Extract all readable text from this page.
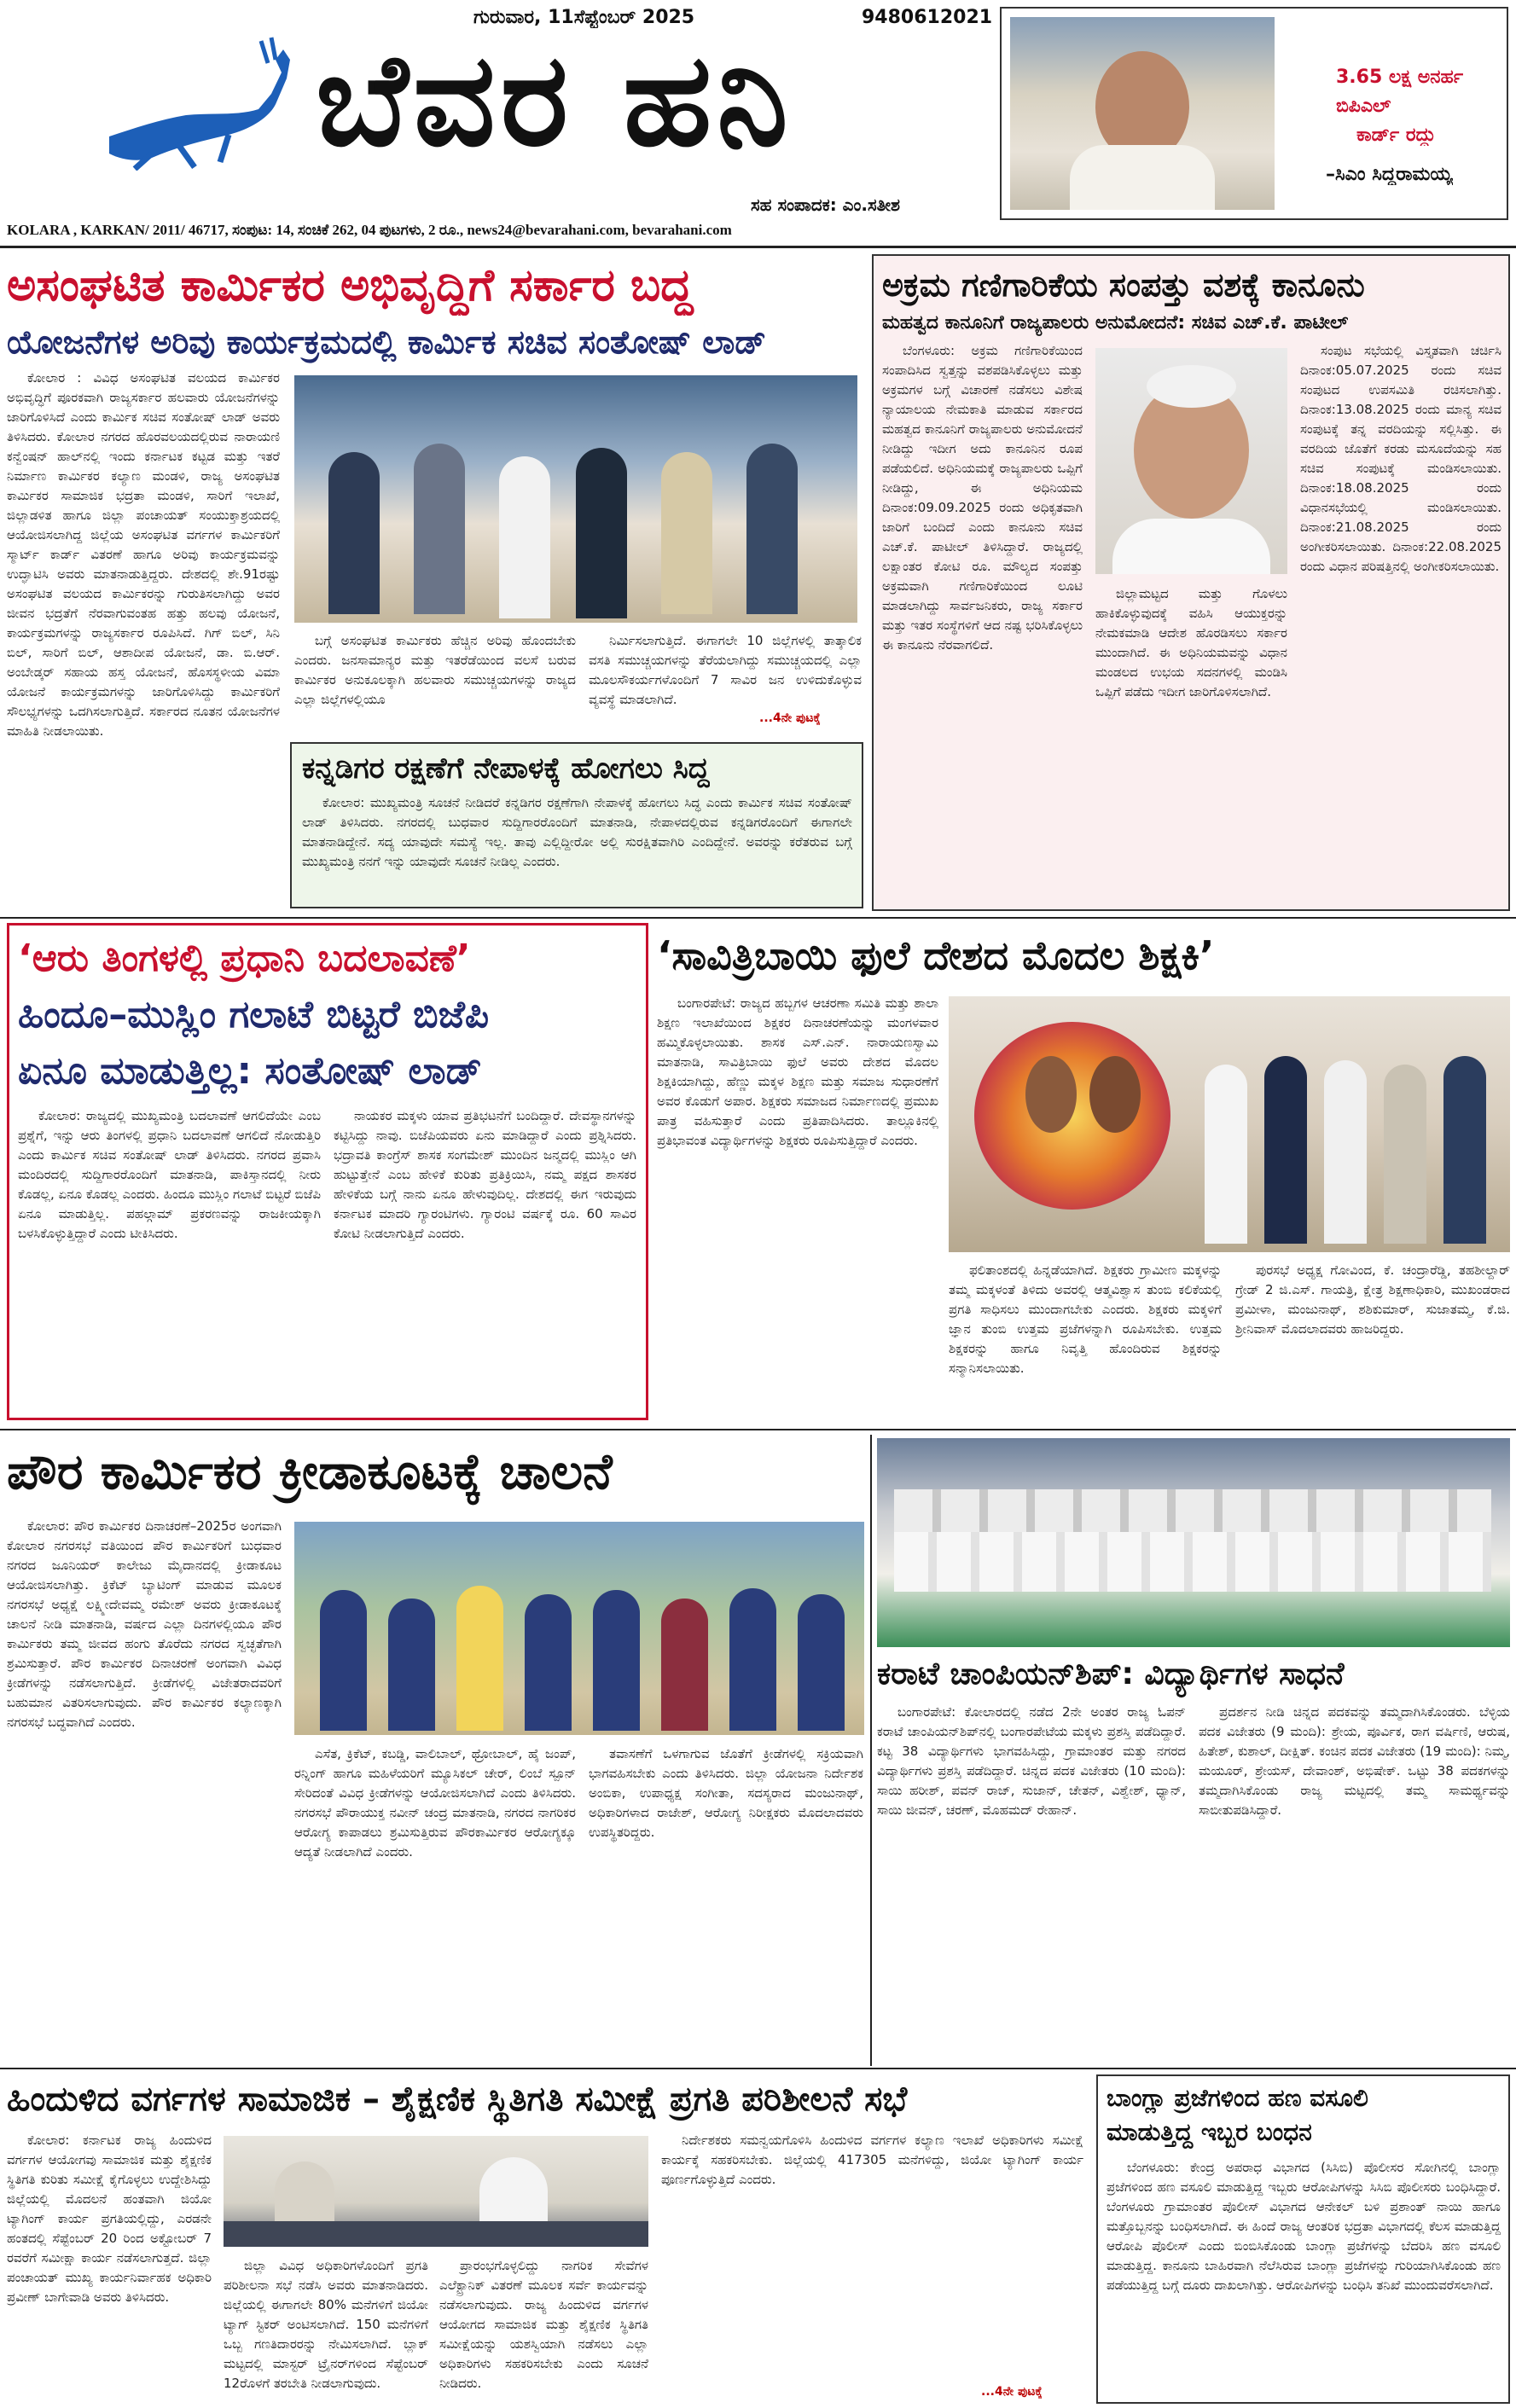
ಗುರುವಾರ, 11ಸೆಪ್ಟೆಂಬರ್ 2025	9480612021
ಬೆವರ ಹನಿ
ಸಹ ಸಂಪಾದಕ: ಎಂ.ಸತೀಶ
3.65 ಲಕ್ಷ ಅನರ್ಹ
ಬಿಪಿಎಲ್
ಕಾರ್ಡ್ ರದ್ದು
–ಸಿಎಂ ಸಿದ್ದರಾಮಯ್ಯ
KOLARA , KARKAN/ 2011/ 46717, ಸಂಪುಟ: 14, ಸಂಚಿಕೆ 262, 04 ಪುಟಗಳು, 2 ರೂ., news24@bevarahani.com, bevarahani.com
ಅಸಂಘಟಿತ ಕಾರ್ಮಿಕರ ಅಭಿವೃದ್ಧಿಗೆ ಸರ್ಕಾರ ಬದ್ಧ
ಯೋಜನೆಗಳ ಅರಿವು ಕಾರ್ಯಕ್ರಮದಲ್ಲಿ ಕಾರ್ಮಿಕ ಸಚಿವ ಸಂತೋಷ್ ಲಾಡ್

ಕೋಲಾರ : ವಿವಿಧ ಅಸಂಘಟಿತ ವಲಯದ ಕಾರ್ಮಿಕರ ಅಭಿವೃದ್ಧಿಗೆ ಪೂರಕವಾಗಿ ರಾಜ್ಯಸರ್ಕಾರ ಹಲವಾರು ಯೋಜನೆಗಳನ್ನು ಜಾರಿಗೊಳಿಸಿದೆ ಎಂದು ಕಾರ್ಮಿಕ ಸಚಿವ ಸಂತೋಷ್ ಲಾಡ್ ಅವರು ತಿಳಿಸಿದರು. ಕೋಲಾರ ನಗರದ ಹೊರವಲಯದಲ್ಲಿರುವ ನಾರಾಯಣಿ ಕನ್ವೆಂಷನ್ ಹಾಲ್‌ನಲ್ಲಿ ಇಂದು ಕರ್ನಾಟಕ ಕಟ್ಟಡ ಮತ್ತು ಇತರೆ ನಿರ್ಮಾಣ ಕಾರ್ಮಿಕರ ಕಲ್ಯಾಣ ಮಂಡಳಿ, ರಾಜ್ಯ ಅಸಂಘಟಿತ ಕಾರ್ಮಿಕರ ಸಾಮಾಜಿಕ ಭದ್ರತಾ ಮಂಡಳಿ, ಸಾರಿಗೆ ಇಲಾಖೆ, ಜಿಲ್ಲಾಡಳಿತ ಹಾಗೂ ಜಿಲ್ಲಾ ಪಂಚಾಯತ್ ಸಂಯುಕ್ತಾಶ್ರಯದಲ್ಲಿ ಆಯೋಜಿಸಲಾಗಿದ್ದ ಜಿಲ್ಲೆಯ ಅಸಂಘಟಿತ ವರ್ಗಗಳ ಕಾರ್ಮಿಕರಿಗೆ ಸ್ಮಾರ್ಟ್ ಕಾರ್ಡ್ ವಿತರಣೆ ಹಾಗೂ ಅರಿವು ಕಾರ್ಯಕ್ರಮವನ್ನು ಉದ್ಘಾಟಿಸಿ ಅವರು ಮಾತನಾಡುತ್ತಿದ್ದರು. ದೇಶದಲ್ಲಿ ಶೇ.91ರಷ್ಟು ಅಸಂಘಟಿತ ವಲಯದ ಕಾರ್ಮಿಕರನ್ನು ಗುರುತಿಸಲಾಗಿದ್ದು ಅವರ ಜೀವನ ಭದ್ರತೆಗೆ ನೆರವಾಗುವಂತಹ ಹತ್ತು ಹಲವು ಯೋಜನೆ, ಕಾರ್ಯಕ್ರಮಗಳನ್ನು ರಾಜ್ಯಸರ್ಕಾರ ರೂಪಿಸಿದೆ. ಗಿಗ್ ಬಿಲ್, ಸಿನಿ ಬಿಲ್, ಸಾರಿಗೆ ಬಿಲ್, ಆಶಾದೀಪ ಯೋಜನೆ, ಡಾ. ಬಿ.ಆರ್. ಅಂಬೇಡ್ಕರ್ ಸಹಾಯ ಹಸ್ತ ಯೋಜನೆ, ಹೊಸಸ್ಥಳೀಯ ವಿಮಾ ಯೋಜನೆ ಕಾರ್ಯಕ್ರಮಗಳನ್ನು ಜಾರಿಗೊಳಿಸಿದ್ದು ಕಾರ್ಮಿಕರಿಗೆ ಸೌಲಭ್ಯಗಳನ್ನು ಒದಗಿಸಲಾಗುತ್ತಿದೆ. ಸರ್ಕಾರದ ನೂತನ ಯೋಜನೆಗಳ ಮಾಹಿತಿ ನೀಡಲಾಯಿತು.

ಬಗ್ಗೆ ಅಸಂಘಟಿತ ಕಾರ್ಮಿಕರು ಹೆಚ್ಚಿನ ಅರಿವು ಹೊಂದಬೇಕು ಎಂದರು. ಜನಸಾಮಾನ್ಯರ ಮತ್ತು ಇತರೆಡೆಯಿಂದ ವಲಸೆ ಬರುವ ಕಾರ್ಮಿಕರ ಅನುಕೂಲಕ್ಕಾಗಿ ಹಲವಾರು ಸಮುಚ್ಚಯಗಳನ್ನು ರಾಜ್ಯದ ಎಲ್ಲಾ ಜಿಲ್ಲೆಗಳಲ್ಲಿಯೂ

ನಿರ್ಮಿಸಲಾಗುತ್ತಿದೆ. ಈಗಾಗಲೇ 10 ಜಿಲ್ಲೆಗಳಲ್ಲಿ ತಾತ್ಕಾಲಿಕ ವಸತಿ ಸಮುಚ್ಚಯಗಳನ್ನು ತೆರೆಯಲಾಗಿದ್ದು ಸಮುಚ್ಚಯದಲ್ಲಿ ಎಲ್ಲಾ ಮೂಲಸೌಕರ್ಯಗಳೊಂದಿಗೆ 7 ಸಾವಿರ ಜನ ಉಳಿದುಕೊಳ್ಳುವ ವ್ಯವಸ್ಥೆ ಮಾಡಲಾಗಿದೆ.

...4ನೇ ಪುಟಕ್ಕೆ
ಕನ್ನಡಿಗರ ರಕ್ಷಣೆಗೆ ನೇಪಾಳಕ್ಕೆ ಹೋಗಲು ಸಿದ್ದ

ಕೋಲಾರ: ಮುಖ್ಯಮಂತ್ರಿ ಸೂಚನೆ ನೀಡಿದರೆ ಕನ್ನಡಿಗರ ರಕ್ಷಣೆಗಾಗಿ ನೇಪಾಳಕ್ಕೆ ಹೋಗಲು ಸಿದ್ಧ ಎಂದು ಕಾರ್ಮಿಕ ಸಚಿವ ಸಂತೋಷ್ ಲಾಡ್ ತಿಳಿಸಿದರು. ನಗರದಲ್ಲಿ ಬುಧವಾರ ಸುದ್ದಿಗಾರರೊಂದಿಗೆ ಮಾತನಾಡಿ, ನೇಪಾಳದಲ್ಲಿರುವ ಕನ್ನಡಿಗರೊಂದಿಗೆ ಈಗಾಗಲೇ ಮಾತನಾಡಿದ್ದೇನೆ. ಸದ್ಯ ಯಾವುದೇ ಸಮಸ್ಯೆ ಇಲ್ಲ. ತಾವು ಎಲ್ಲಿದ್ದೀರೋ ಅಲ್ಲಿ ಸುರಕ್ಷಿತವಾಗಿರಿ ಎಂದಿದ್ದೇನೆ. ಅವರನ್ನು ಕರೆತರುವ ಬಗ್ಗೆ ಮುಖ್ಯಮಂತ್ರಿ ನನಗೆ ಇನ್ನು ಯಾವುದೇ ಸೂಚನೆ ನೀಡಿಲ್ಲ ಎಂದರು.

ಅಕ್ರಮ ಗಣಿಗಾರಿಕೆಯ ಸಂಪತ್ತು ವಶಕ್ಕೆ ಕಾನೂನು
ಮಹತ್ವದ ಕಾನೂನಿಗೆ ರಾಜ್ಯಪಾಲರು ಅನುಮೋದನೆ: ಸಚಿವ ಎಚ್.ಕೆ. ಪಾಟೀಲ್

ಬೆಂಗಳೂರು: ಅಕ್ರಮ ಗಣಿಗಾರಿಕೆಯಿಂದ ಸಂಪಾದಿಸಿದ ಸ್ವತ್ತನ್ನು ವಶಪಡಿಸಿಕೊಳ್ಳಲು ಮತ್ತು ಅಕ್ರಮಗಳ ಬಗ್ಗೆ ವಿಚಾರಣೆ ನಡೆಸಲು ವಿಶೇಷ ನ್ಯಾಯಾಲಯ ನೇಮಕಾತಿ ಮಾಡುವ ಸರ್ಕಾರದ ಮಹತ್ವದ ಕಾನೂನಿಗೆ ರಾಜ್ಯಪಾಲರು ಅನುಮೋದನೆ ನೀಡಿದ್ದು ಇದೀಗ ಅದು ಕಾನೂನಿನ ರೂಪ ಪಡೆಯಲಿದೆ. ಅಧಿನಿಯಮಕ್ಕೆ ರಾಜ್ಯಪಾಲರು ಒಪ್ಪಿಗೆ ನೀಡಿದ್ದು, ಈ ಅಧಿನಿಯಮ ದಿನಾಂಕ:09.09.2025 ರಂದು ಅಧಿಕೃತವಾಗಿ ಜಾರಿಗೆ ಬಂದಿದೆ ಎಂದು ಕಾನೂನು ಸಚಿವ ಎಚ್.ಕೆ. ಪಾಟೀಲ್ ತಿಳಿಸಿದ್ದಾರೆ. ರಾಜ್ಯದಲ್ಲಿ ಲಕ್ಷಾಂತರ ಕೋಟಿ ರೂ. ಮೌಲ್ಯದ ಸಂಪತ್ತು ಅಕ್ರಮವಾಗಿ ಗಣಿಗಾರಿಕೆಯಿಂದ ಲೂಟಿ ಮಾಡಲಾಗಿದ್ದು ಸಾರ್ವಜನಿಕರು, ರಾಜ್ಯ ಸರ್ಕಾರ ಮತ್ತು ಇತರ ಸಂಸ್ಥೆಗಳಿಗೆ ಆದ ನಷ್ಟ ಭರಿಸಿಕೊಳ್ಳಲು ಈ ಕಾನೂನು ನೆರವಾಗಲಿದೆ.

ಜಿಲ್ಲಾಮಟ್ಟದ ಮತ್ತು ಗೊಳಲು ಹಾಕಿಕೊಳ್ಳುವುದಕ್ಕೆ ವಹಿಸಿ ಆಯುಕ್ತರನ್ನು ನೇಮಕಮಾಡಿ ಆದೇಶ ಹೊರಡಿಸಲು ಸರ್ಕಾರ ಮುಂದಾಗಿದೆ. ಈ ಅಧಿನಿಯಮವನ್ನು ವಿಧಾನ ಮಂಡಲದ ಉಭಯ ಸದನಗಳಲ್ಲಿ ಮಂಡಿಸಿ ಒಪ್ಪಿಗೆ ಪಡೆದು ಇದೀಗ ಜಾರಿಗೊಳಿಸಲಾಗಿದೆ.

ಸಂಪುಟ ಸಭೆಯಲ್ಲಿ ವಿಸ್ತೃತವಾಗಿ ಚರ್ಚಿಸಿ ದಿನಾಂಕ:05.07.2025 ರಂದು ಸಚಿವ ಸಂಪುಟದ ಉಪಸಮಿತಿ ರಚಿಸಲಾಗಿತ್ತು. ದಿನಾಂಕ:13.08.2025 ರಂದು ಮಾನ್ಯ ಸಚಿವ ಸಂಪುಟಕ್ಕೆ ತನ್ನ ವರದಿಯನ್ನು ಸಲ್ಲಿಸಿತ್ತು. ಈ ವರದಿಯ ಜೊತೆಗೆ ಕರಡು ಮಸೂದೆಯನ್ನು ಸಹ ಸಚಿವ ಸಂಪುಟಕ್ಕೆ ಮಂಡಿಸಲಾಯಿತು. ದಿನಾಂಕ:18.08.2025 ರಂದು ವಿಧಾನಸಭೆಯಲ್ಲಿ ಮಂಡಿಸಲಾಯಿತು. ದಿನಾಂಕ:21.08.2025 ರಂದು ಅಂಗೀಕರಿಸಲಾಯಿತು. ದಿನಾಂಕ:22.08.2025 ರಂದು ವಿಧಾನ ಪರಿಷತ್ತಿನಲ್ಲಿ ಅಂಗೀಕರಿಸಲಾಯಿತು.

‘ಆರು ತಿಂಗಳಲ್ಲಿ ಪ್ರಧಾನಿ ಬದಲಾವಣೆ’
ಹಿಂದೂ–ಮುಸ್ಲಿಂ ಗಲಾಟೆ ಬಿಟ್ಟರೆ ಬಿಜೆಪಿ
ಏನೂ ಮಾಡುತ್ತಿಲ್ಲ: ಸಂತೋಷ್ ಲಾಡ್

ಕೋಲಾರ: ರಾಜ್ಯದಲ್ಲಿ ಮುಖ್ಯಮಂತ್ರಿ ಬದಲಾವಣೆ ಆಗಲಿದೆಯೇ ಎಂಬ ಪ್ರಶ್ನೆಗೆ, ಇನ್ನು ಆರು ತಿಂಗಳಲ್ಲಿ ಪ್ರಧಾನಿ ಬದಲಾವಣೆ ಆಗಲಿದೆ ನೋಡುತ್ತಿರಿ ಎಂದು ಕಾರ್ಮಿಕ ಸಚಿವ ಸಂತೋಷ್ ಲಾಡ್ ತಿಳಿಸಿದರು. ನಗರದ ಪ್ರವಾಸಿ ಮಂದಿರದಲ್ಲಿ ಸುದ್ದಿಗಾರರೊಂದಿಗೆ ಮಾತನಾಡಿ, ಪಾಕಿಸ್ತಾನದಲ್ಲಿ ನೀರು ಕೊಡಲ್ಲ, ಏನೂ ಕೊಡಲ್ಲ ಎಂದರು. ಹಿಂದೂ ಮುಸ್ಲಿಂ ಗಲಾಟೆ ಬಿಟ್ಟರೆ ಬಿಜೆಪಿ ಏನೂ ಮಾಡುತ್ತಿಲ್ಲ. ಪಹಲ್ಗಾಮ್ ಪ್ರಕರಣವನ್ನು ರಾಜಕೀಯಕ್ಕಾಗಿ ಬಳಸಿಕೊಳ್ಳುತ್ತಿದ್ದಾರೆ ಎಂದು ಟೀಕಿಸಿದರು.

ನಾಯಕರ ಮಕ್ಕಳು ಯಾವ ಪ್ರತಿಭಟನೆಗೆ ಬಂದಿದ್ದಾರೆ. ದೇವಸ್ಥಾನಗಳನ್ನು ಕಟ್ಟಿಸಿದ್ದು ನಾವು. ಬಿಜೆಪಿಯವರು ಏನು ಮಾಡಿದ್ದಾರೆ ಎಂದು ಪ್ರಶ್ನಿಸಿದರು. ಭದ್ರಾವತಿ ಕಾಂಗ್ರೆಸ್ ಶಾಸಕ ಸಂಗಮೇಶ್ ಮುಂದಿನ ಜನ್ಮದಲ್ಲಿ ಮುಸ್ಲಿಂ ಆಗಿ ಹುಟ್ಟುತ್ತೇನೆ ಎಂಬ ಹೇಳಿಕೆ ಕುರಿತು ಪ್ರತಿಕ್ರಿಯಿಸಿ, ನಮ್ಮ ಪಕ್ಷದ ಶಾಸಕರ ಹೇಳಿಕೆಯ ಬಗ್ಗೆ ನಾನು ಏನೂ ಹೇಳುವುದಿಲ್ಲ. ದೇಶದಲ್ಲಿ ಈಗ ಇರುವುದು ಕರ್ನಾಟಕ ಮಾದರಿ ಗ್ಯಾರಂಟಿಗಳು. ಗ್ಯಾರಂಟಿ ವರ್ಷಕ್ಕೆ ರೂ. 60 ಸಾವಿರ ಕೋಟಿ ನೀಡಲಾಗುತ್ತಿದೆ ಎಂದರು.

‘ಸಾವಿತ್ರಿಬಾಯಿ ಫುಲೆ ದೇಶದ ಮೊದಲ ಶಿಕ್ಷಕಿ’

ಬಂಗಾರಪೇಟೆ: ರಾಜ್ಯದ ಹಬ್ಬಗಳ ಆಚರಣಾ ಸಮಿತಿ ಮತ್ತು ಶಾಲಾ ಶಿಕ್ಷಣ ಇಲಾಖೆಯಿಂದ ಶಿಕ್ಷಕರ ದಿನಾಚರಣೆಯನ್ನು ಮಂಗಳವಾರ ಹಮ್ಮಿಕೊಳ್ಳಲಾಯಿತು. ಶಾಸಕ ಎಸ್.ಎನ್. ನಾರಾಯಣಸ್ವಾಮಿ ಮಾತನಾಡಿ, ಸಾವಿತ್ರಿಬಾಯಿ ಫುಲೆ ಅವರು ದೇಶದ ಮೊದಲ ಶಿಕ್ಷಕಿಯಾಗಿದ್ದು, ಹೆಣ್ಣು ಮಕ್ಕಳ ಶಿಕ್ಷಣ ಮತ್ತು ಸಮಾಜ ಸುಧಾರಣೆಗೆ ಅವರ ಕೊಡುಗೆ ಅಪಾರ. ಶಿಕ್ಷಕರು ಸಮಾಜದ ನಿರ್ಮಾಣದಲ್ಲಿ ಪ್ರಮುಖ ಪಾತ್ರ ವಹಿಸುತ್ತಾರೆ ಎಂದು ಪ್ರತಿಪಾದಿಸಿದರು. ತಾಲ್ಲೂಕಿನಲ್ಲಿ ಪ್ರತಿಭಾವಂತ ವಿದ್ಯಾರ್ಥಿಗಳನ್ನು ಶಿಕ್ಷಕರು ರೂಪಿಸುತ್ತಿದ್ದಾರೆ ಎಂದರು.

ಫಲಿತಾಂಶದಲ್ಲಿ ಹಿನ್ನಡೆಯಾಗಿದೆ. ಶಿಕ್ಷಕರು ಗ್ರಾಮೀಣ ಮಕ್ಕಳನ್ನು ತಮ್ಮ ಮಕ್ಕಳಂತೆ ತಿಳಿದು ಅವರಲ್ಲಿ ಆತ್ಮವಿಶ್ವಾಸ ತುಂಬಿ ಕಲಿಕೆಯಲ್ಲಿ ಪ್ರಗತಿ ಸಾಧಿಸಲು ಮುಂದಾಗಬೇಕು ಎಂದರು. ಶಿಕ್ಷಕರು ಮಕ್ಕಳಿಗೆ ಜ್ಞಾನ ತುಂಬಿ ಉತ್ತಮ ಪ್ರಜೆಗಳನ್ನಾಗಿ ರೂಪಿಸಬೇಕು. ಉತ್ತಮ ಶಿಕ್ಷಕರನ್ನು ಹಾಗೂ ನಿವೃತ್ತಿ ಹೊಂದಿರುವ ಶಿಕ್ಷಕರನ್ನು ಸನ್ಮಾನಿಸಲಾಯಿತು.

ಪುರಸಭೆ ಅಧ್ಯಕ್ಷ ಗೋವಿಂದ, ಕೆ. ಚಂದ್ರಾರೆಡ್ಡಿ, ತಹಶೀಲ್ದಾರ್ ಗ್ರೇಡ್ 2 ಜಿ.ಎಸ್. ಗಾಯತ್ರಿ, ಕ್ಷೇತ್ರ ಶಿಕ್ಷಣಾಧಿಕಾರಿ, ಮುಖಂಡರಾದ ಪ್ರಮೀಳಾ, ಮಂಜುನಾಥ್, ಶಶಿಕುಮಾರ್, ಸುಜಾತಮ್ಮ, ಕೆ.ಜಿ. ಶ್ರೀನಿವಾಸ್ ಮೊದಲಾದವರು ಹಾಜರಿದ್ದರು.

ಪೌರ ಕಾರ್ಮಿಕರ ಕ್ರೀಡಾಕೂಟಕ್ಕೆ ಚಾಲನೆ

ಕೋಲಾರ: ಪೌರ ಕಾರ್ಮಿಕರ ದಿನಾಚರಣೆ–2025ರ ಅಂಗವಾಗಿ ಕೋಲಾರ ನಗರಸಭೆ ವತಿಯಿಂದ ಪೌರ ಕಾರ್ಮಿಕರಿಗೆ ಬುಧವಾರ ನಗರದ ಜೂನಿಯರ್ ಕಾಲೇಜು ಮೈದಾನದಲ್ಲಿ ಕ್ರೀಡಾಕೂಟ ಆಯೋಜಿಸಲಾಗಿತ್ತು. ಕ್ರಿಕೆಟ್ ಬ್ಯಾಟಿಂಗ್ ಮಾಡುವ ಮೂಲಕ ನಗರಸಭೆ ಅಧ್ಯಕ್ಷೆ ಲಕ್ಷ್ಮೀದೇವಮ್ಮ ರಮೇಶ್ ಅವರು ಕ್ರೀಡಾಕೂಟಕ್ಕೆ ಚಾಲನೆ ನೀಡಿ ಮಾತನಾಡಿ, ವರ್ಷದ ಎಲ್ಲಾ ದಿನಗಳಲ್ಲಿಯೂ ಪೌರ ಕಾರ್ಮಿಕರು ತಮ್ಮ ಜೀವದ ಹಂಗು ತೊರೆದು ನಗರದ ಸ್ವಚ್ಛತೆಗಾಗಿ ಶ್ರಮಿಸುತ್ತಾರೆ. ಪೌರ ಕಾರ್ಮಿಕರ ದಿನಾಚರಣೆ ಅಂಗವಾಗಿ ವಿವಿಧ ಕ್ರೀಡೆಗಳನ್ನು ನಡೆಸಲಾಗುತ್ತಿದೆ. ಕ್ರೀಡೆಗಳಲ್ಲಿ ವಿಜೇತರಾದವರಿಗೆ ಬಹುಮಾನ ವಿತರಿಸಲಾಗುವುದು. ಪೌರ ಕಾರ್ಮಿಕರ ಕಲ್ಯಾಣಕ್ಕಾಗಿ ನಗರಸಭೆ ಬದ್ಧವಾಗಿದೆ ಎಂದರು.

ಎಸೆತ, ಕ್ರಿಕೆಟ್, ಕಬಡ್ಡಿ, ವಾಲಿಬಾಲ್, ಥ್ರೋಬಾಲ್, ಹೈ ಜಂಪ್, ರನ್ನಿಂಗ್ ಹಾಗೂ ಮಹಿಳೆಯರಿಗೆ ಮ್ಯೂಸಿಕಲ್ ಚೇರ್, ಲಿಂಬೆ ಸ್ಪೂನ್ ಸೇರಿದಂತೆ ವಿವಿಧ ಕ್ರೀಡೆಗಳನ್ನು ಆಯೋಜಿಸಲಾಗಿದೆ ಎಂದು ತಿಳಿಸಿದರು. ನಗರಸಭೆ ಪೌರಾಯುಕ್ತ ನವೀನ್ ಚಂದ್ರ ಮಾತನಾಡಿ, ನಗರದ ನಾಗರಿಕರ ಆರೋಗ್ಯ ಕಾಪಾಡಲು ಶ್ರಮಿಸುತ್ತಿರುವ ಪೌರಕಾರ್ಮಿಕರ ಆರೋಗ್ಯಕ್ಕೂ ಆದ್ಯತೆ ನೀಡಲಾಗಿದೆ ಎಂದರು.

ತವಾಸಣೆಗೆ ಒಳಗಾಗುವ ಜೊತೆಗೆ ಕ್ರೀಡೆಗಳಲ್ಲಿ ಸಕ್ರಿಯವಾಗಿ ಭಾಗವಹಿಸಬೇಕು ಎಂದು ತಿಳಿಸಿದರು. ಜಿಲ್ಲಾ ಯೋಜನಾ ನಿರ್ದೇಶಕ ಅಂಬಿಕಾ, ಉಪಾಧ್ಯಕ್ಷ ಸಂಗೀತಾ, ಸದಸ್ಯರಾದ ಮಂಜುನಾಥ್, ಅಧಿಕಾರಿಗಳಾದ ರಾಜೇಶ್, ಆರೋಗ್ಯ ನಿರೀಕ್ಷಕರು ಮೊದಲಾದವರು ಉಪಸ್ಥಿತರಿದ್ದರು.

ಕರಾಟೆ ಚಾಂಪಿಯನ್‌ಶಿಪ್: ವಿದ್ಯಾರ್ಥಿಗಳ ಸಾಧನೆ

ಬಂಗಾರಪೇಟೆ: ಕೋಲಾರದಲ್ಲಿ ನಡೆದ 2ನೇ ಅಂತರ ರಾಜ್ಯ ಓಪನ್ ಕರಾಟೆ ಚಾಂಪಿಯನ್‌ಶಿಪ್‌ನಲ್ಲಿ ಬಂಗಾರಪೇಟೆಯ ಮಕ್ಕಳು ಪ್ರಶಸ್ತಿ ಪಡೆದಿದ್ದಾರೆ. ಕಟ್ಟ 38 ವಿದ್ಯಾರ್ಥಿಗಳು ಭಾಗವಹಿಸಿದ್ದು, ಗ್ರಾಮಾಂತರ ಮತ್ತು ನಗರದ ವಿದ್ಯಾರ್ಥಿಗಳು ಪ್ರಶಸ್ತಿ ಪಡೆದಿದ್ದಾರೆ. ಚಿನ್ನದ ಪದಕ ವಿಜೇತರು (10 ಮಂದಿ): ಸಾಯಿ ಹರೀಶ್, ಪವನ್ ರಾಜ್, ಸುಜಾನ್, ಚೇತನ್, ವಿಶ್ವೇಶ್, ಧ್ಯಾನ್, ಸಾಯಿ ಜೀವನ್, ಚರಣ್, ಮೊಹಮದ್ ರೇಹಾನ್.

ಪ್ರದರ್ಶನ ನೀಡಿ ಚಿನ್ನದ ಪದಕವನ್ನು ತಮ್ಮದಾಗಿಸಿಕೊಂಡರು. ಬೆಳ್ಳಿಯ ಪದಕ ವಿಜೇತರು (9 ಮಂದಿ): ಶ್ರೇಯ, ಪೂರ್ವಿಕ, ರಾಗ ವರ್ಷಿಣಿ, ಆರುಷ, ಹಿತೇಶ್, ಕುಶಾಲ್, ದೀಕ್ಷಿತ್. ಕಂಚಿನ ಪದಕ ವಿಜೇತರು (19 ಮಂದಿ): ನಿಮ್ಮ, ಮಯೂರ್, ಶ್ರೇಯಸ್, ದೇವಾಂಶ್, ಅಭಿಷೇಕ್. ಒಟ್ಟು 38 ಪದಕಗಳನ್ನು ತಮ್ಮದಾಗಿಸಿಕೊಂಡು ರಾಜ್ಯ ಮಟ್ಟದಲ್ಲಿ ತಮ್ಮ ಸಾಮರ್ಥ್ಯವನ್ನು ಸಾಬೀತುಪಡಿಸಿದ್ದಾರೆ.

ಹಿಂದುಳಿದ ವರ್ಗಗಳ ಸಾಮಾಜಿಕ – ಶೈಕ್ಷಣಿಕ ಸ್ಥಿತಿಗತಿ ಸಮೀಕ್ಷೆ ಪ್ರಗತಿ ಪರಿಶೀಲನೆ ಸಭೆ

ಕೋಲಾರ: ಕರ್ನಾಟಕ ರಾಜ್ಯ ಹಿಂದುಳಿದ ವರ್ಗಗಳ ಆಯೋಗವು ಸಾಮಾಜಿಕ ಮತ್ತು ಶೈಕ್ಷಣಿಕ ಸ್ಥಿತಿಗತಿ ಕುರಿತು ಸಮೀಕ್ಷೆ ಕೈಗೊಳ್ಳಲು ಉದ್ದೇಶಿಸಿದ್ದು ಜಿಲ್ಲೆಯಲ್ಲಿ ಮೊದಲನೆ ಹಂತವಾಗಿ ಜಿಯೋ ಟ್ಯಾಗಿಂಗ್ ಕಾರ್ಯ ಪ್ರಗತಿಯಲ್ಲಿದ್ದು, ಎರಡನೇ ಹಂತದಲ್ಲಿ ಸೆಪ್ಟೆಂಬರ್ 20 ರಿಂದ ಅಕ್ಟೋಬರ್ 7 ರವರೆಗೆ ಸಮೀಕ್ಷಾ ಕಾರ್ಯ ನಡೆಸಲಾಗುತ್ತದೆ. ಜಿಲ್ಲಾ ಪಂಚಾಯತ್ ಮುಖ್ಯ ಕಾರ್ಯನಿರ್ವಾಹಕ ಅಧಿಕಾರಿ ಪ್ರವೀಣ್ ಬಾಗೇವಾಡಿ ಅವರು ತಿಳಿಸಿದರು.

ಜಿಲ್ಲಾ ವಿವಿಧ ಅಧಿಕಾರಿಗಳೊಂದಿಗೆ ಪ್ರಗತಿ ಪರಿಶೀಲನಾ ಸಭೆ ನಡೆಸಿ ಅವರು ಮಾತನಾಡಿದರು. ಜಿಲ್ಲೆಯಲ್ಲಿ ಈಗಾಗಲೇ 80% ಮನೆಗಳಿಗೆ ಜಿಯೋ ಟ್ಯಾಗ್ ಸ್ಟಿಕರ್ ಅಂಟಿಸಲಾಗಿದೆ. 150 ಮನೆಗಳಿಗೆ ಒಬ್ಬ ಗಣತಿದಾರರನ್ನು ನೇಮಿಸಲಾಗಿದೆ. ಬ್ಲಾಕ್ ಮಟ್ಟದಲ್ಲಿ ಮಾಸ್ಟರ್ ಟ್ರೈನರ್‌ಗಳಿಂದ ಸೆಪ್ಟೆಂಬರ್ 12ರೊಳಗೆ ತರಬೇತಿ ನೀಡಲಾಗುವುದು.

ಪ್ರಾರಂಭಗೊಳ್ಳಲಿದ್ದು ನಾಗರಿಕ ಸೇವೆಗಳ ಎಲೆಕ್ಟ್ರಾನಿಕ್ ವಿತರಣೆ ಮೂಲಕ ಸರ್ವೆ ಕಾರ್ಯವನ್ನು ನಡೆಸಲಾಗುವುದು. ರಾಜ್ಯ ಹಿಂದುಳಿದ ವರ್ಗಗಳ ಆಯೋಗದ ಸಾಮಾಜಿಕ ಮತ್ತು ಶೈಕ್ಷಣಿಕ ಸ್ಥಿತಿಗತಿ ಸಮೀಕ್ಷೆಯನ್ನು ಯಶಸ್ವಿಯಾಗಿ ನಡೆಸಲು ಎಲ್ಲಾ ಅಧಿಕಾರಿಗಳು ಸಹಕರಿಸಬೇಕು ಎಂದು ಸೂಚನೆ ನೀಡಿದರು.

ನಿರ್ದೇಶಕರು ಸಮನ್ವಯಗೊಳಿಸಿ ಹಿಂದುಳಿದ ವರ್ಗಗಳ ಕಲ್ಯಾಣ ಇಲಾಖೆ ಅಧಿಕಾರಿಗಳು ಸಮೀಕ್ಷೆ ಕಾರ್ಯಕ್ಕೆ ಸಹಕರಿಸಬೇಕು. ಜಿಲ್ಲೆಯಲ್ಲಿ 417305 ಮನೆಗಳಿದ್ದು, ಜಿಯೋ ಟ್ಯಾಗಿಂಗ್ ಕಾರ್ಯ ಪೂರ್ಣಗೊಳ್ಳುತ್ತಿದೆ ಎಂದರು.

...4ನೇ ಪುಟಕ್ಕೆ
ಬಾಂಗ್ಲಾ ಪ್ರಜೆಗಳಿಂದ ಹಣ ವಸೂಲಿ
ಮಾಡುತ್ತಿದ್ದ ಇಬ್ಬರ ಬಂಧನ

ಬೆಂಗಳೂರು: ಕೇಂದ್ರ ಅಪರಾಧ ವಿಭಾಗದ (ಸಿಸಿಬಿ) ಪೊಲೀಸರ ಸೋಗಿನಲ್ಲಿ ಬಾಂಗ್ಲಾ ಪ್ರಜೆಗಳಿಂದ ಹಣ ವಸೂಲಿ ಮಾಡುತ್ತಿದ್ದ ಇಬ್ಬರು ಆರೋಪಿಗಳನ್ನು ಸಿಸಿಬಿ ಪೊಲೀಸರು ಬಂಧಿಸಿದ್ದಾರೆ. ಬೆಂಗಳೂರು ಗ್ರಾಮಾಂತರ ಪೊಲೀಸ್ ವಿಭಾಗದ ಆನೇಕಲ್ ಬಳಿ ಪ್ರಶಾಂತ್ ನಾಯಿ ಹಾಗೂ ಮತ್ತೊಬ್ಬನನ್ನು ಬಂಧಿಸಲಾಗಿದೆ. ಈ ಹಿಂದೆ ರಾಜ್ಯ ಆಂತರಿಕ ಭದ್ರತಾ ವಿಭಾಗದಲ್ಲಿ ಕೆಲಸ ಮಾಡುತ್ತಿದ್ದ ಆರೋಪಿ ಪೊಲೀಸ್ ಎಂದು ಬಿಂಬಿಸಿಕೊಂಡು ಬಾಂಗ್ಲಾ ಪ್ರಜೆಗಳನ್ನು ಬೆದರಿಸಿ ಹಣ ವಸೂಲಿ ಮಾಡುತ್ತಿದ್ದ. ಕಾನೂನು ಬಾಹಿರವಾಗಿ ನೆಲೆಸಿರುವ ಬಾಂಗ್ಲಾ ಪ್ರಜೆಗಳನ್ನು ಗುರಿಯಾಗಿಸಿಕೊಂಡು ಹಣ ಪಡೆಯುತ್ತಿದ್ದ ಬಗ್ಗೆ ದೂರು ದಾಖಲಾಗಿತ್ತು. ಆರೋಪಿಗಳನ್ನು ಬಂಧಿಸಿ ತನಿಖೆ ಮುಂದುವರೆಸಲಾಗಿದೆ.
